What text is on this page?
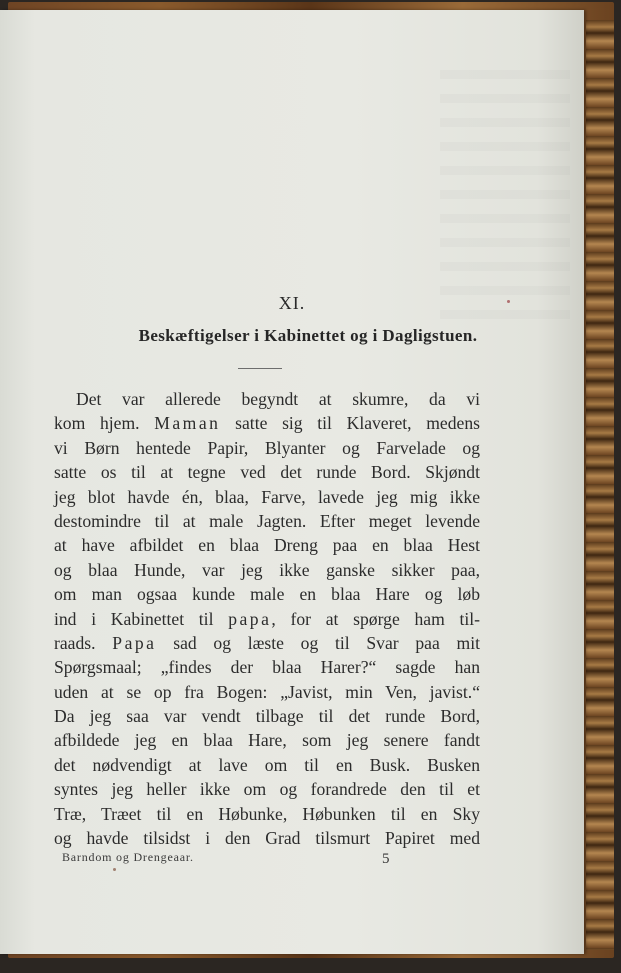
XI.
Beskæftigelser i Kabinettet og i Dagligstuen.
Det var allerede begyndt at skumre, da vi
kom hjem. Maman satte sig til Klaveret, medens
vi Børn hentede Papir, Blyanter og Farvelade og
satte os til at tegne ved det runde Bord. Skjøndt
jeg blot havde én, blaa, Farve, lavede jeg mig ikke
destomindre til at male Jagten. Efter meget levende
at have afbildet en blaa Dreng paa en blaa Hest
og blaa Hunde, var jeg ikke ganske sikker paa,
om man ogsaa kunde male en blaa Hare og løb
ind i Kabinettet til papa, for at spørge ham til-
raads. Papa sad og læste og til Svar paa mit
Spørgsmaal; „findes der blaa Harer?“ sagde han
uden at se op fra Bogen: „Javist, min Ven, javist.“
Da jeg saa var vendt tilbage til det runde Bord,
afbildede jeg en blaa Hare, som jeg senere fandt
det nødvendigt at lave om til en Busk. Busken
syntes jeg heller ikke om og forandrede den til et
Træ, Træet til en Høbunke, Høbunken til en Sky
og havde tilsidst i den Grad tilsmurt Papiret med
Barndom og Drengeaar.	5
